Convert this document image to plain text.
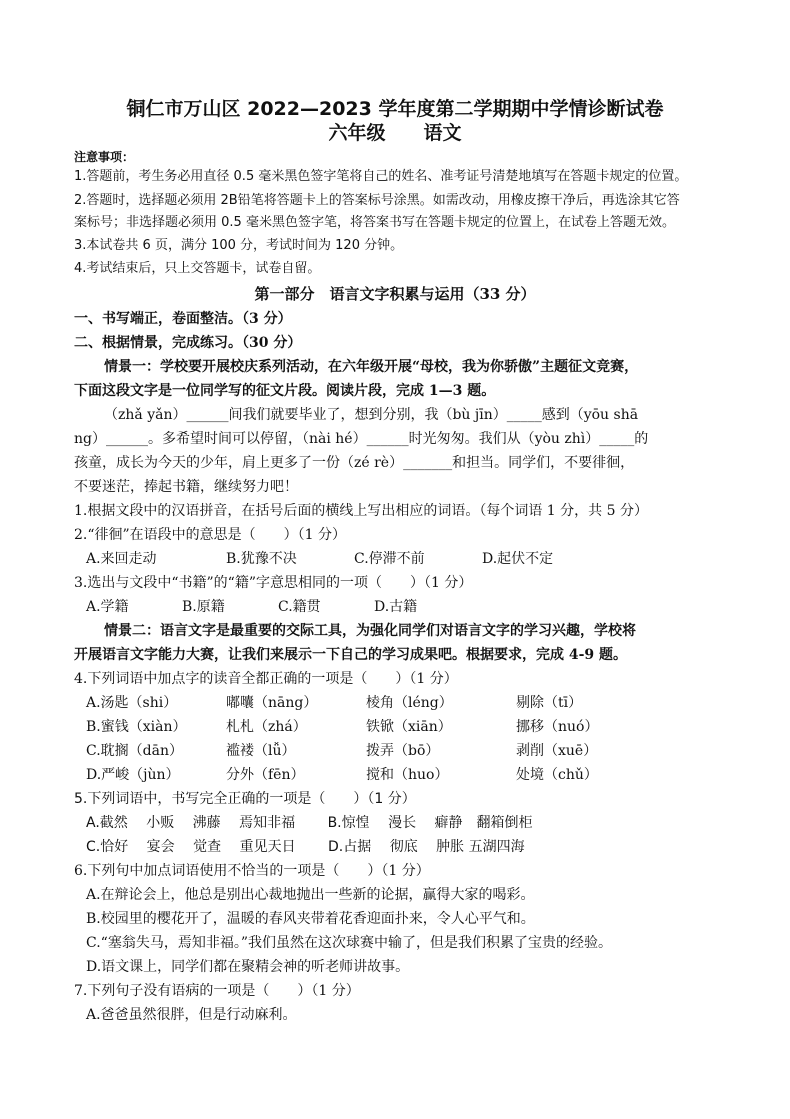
铜仁市万山区 2022—2023 学年度第二学期期中学情诊断试卷
六年级　　语文
注意事项：
1.答题前，考生务必用直径 0.5 毫米黑色签字笔将自己的姓名、准考证号清楚地填写在答题卡规定的位置。
2.答题时，选择题必须用 2B铅笔将答题卡上的答案标号涂黑。如需改动，用橡皮擦干净后，再选涂其它答
案标号；非选择题必须用 0.5 毫米黑色签字笔，将答案书写在答题卡规定的位置上，在试卷上答题无效。
3.本试卷共 6 页，满分 100 分，考试时间为 120 分钟。
4.考试结束后，只上交答题卡，试卷自留。
第一部分　语言文字积累与运用（33 分）
一、书写端正，卷面整洁。（3 分）
二、根据情景，完成练习。（30 分）
情景一：学校要开展校庆系列活动，在六年级开展“母校，我为你骄傲”主题征文竞赛，
下面这段文字是一位同学写的征文片段。阅读片段，完成 1—3 题。
（zhǎ yǎn）______间我们就要毕业了，想到分别，我（bù jīn）_____感到（yōu shā
ng）______。多希望时间可以停留，（nài hé）______时光匆匆。我们从（yòu zhì）_____的
孩童，成长为今天的少年，肩上更多了一份（zé rè）_______和担当。同学们，不要徘徊，
不要迷茫，捧起书籍，继续努力吧！
1.根据文段中的汉语拼音，在括号后面的横线上写出相应的词语。（每个词语 1 分，共 5 分）
2.“徘徊”在语段中的意思是（　　）（1 分）
A.来回走动	B.犹豫不决	C.停滞不前	D.起伏不定
3.选出与文段中“书籍”的“籍”字意思相同的一项（　　）（1 分）
A.学籍	B.原籍	C.籍贯	D.古籍
情景二：语言文字是最重要的交际工具，为强化同学们对语言文字的学习兴趣，学校将
开展语言文字能力大赛，让我们来展示一下自己的学习成果吧。根据要求，完成 4-9 题。
4.下列词语中加点字的读音全都正确的一项是（　　）（1 分）
A.汤匙（shi）	嘟囔（nāng）	棱角（léng）	剔除（tī）
B.蜜钱（xiàn）	札札（zhá）	铁锨（xiān）	挪移（nuó）
C.耽搁（dān）	褴褛（lǚ）	拨弄（bō）	剥削（xuē）
D.严峻（jùn）	分外（fēn）	搅和（huo）	处境（chǔ）
5.下列词语中，书写完全正确的一项是（　　）（1 分）
A.截然　 小贩　 沸藤　 焉知非福　　 B.惊惶　 漫长　 癖静　翻箱倒柜
C.恰好　 宴会　 觉查　 重见天日　　 D.占据　 彻底　 肿胀 五湖四海
6.下列句中加点词语使用不恰当的一项是（　　）（1 分）
A.在辩论会上，他总是别出心裁地抛出一些新的论据，赢得大家的喝彩。
B.校园里的樱花开了，温暖的春风夹带着花香迎面扑来，令人心平气和。
C.“塞翁失马，焉知非福。”我们虽然在这次球赛中输了，但是我们积累了宝贵的经验。
D.语文课上，同学们都在聚精会神的听老师讲故事。
7.下列句子没有语病的一项是（　　）（1 分）
A.爸爸虽然很胖，但是行动麻利。
